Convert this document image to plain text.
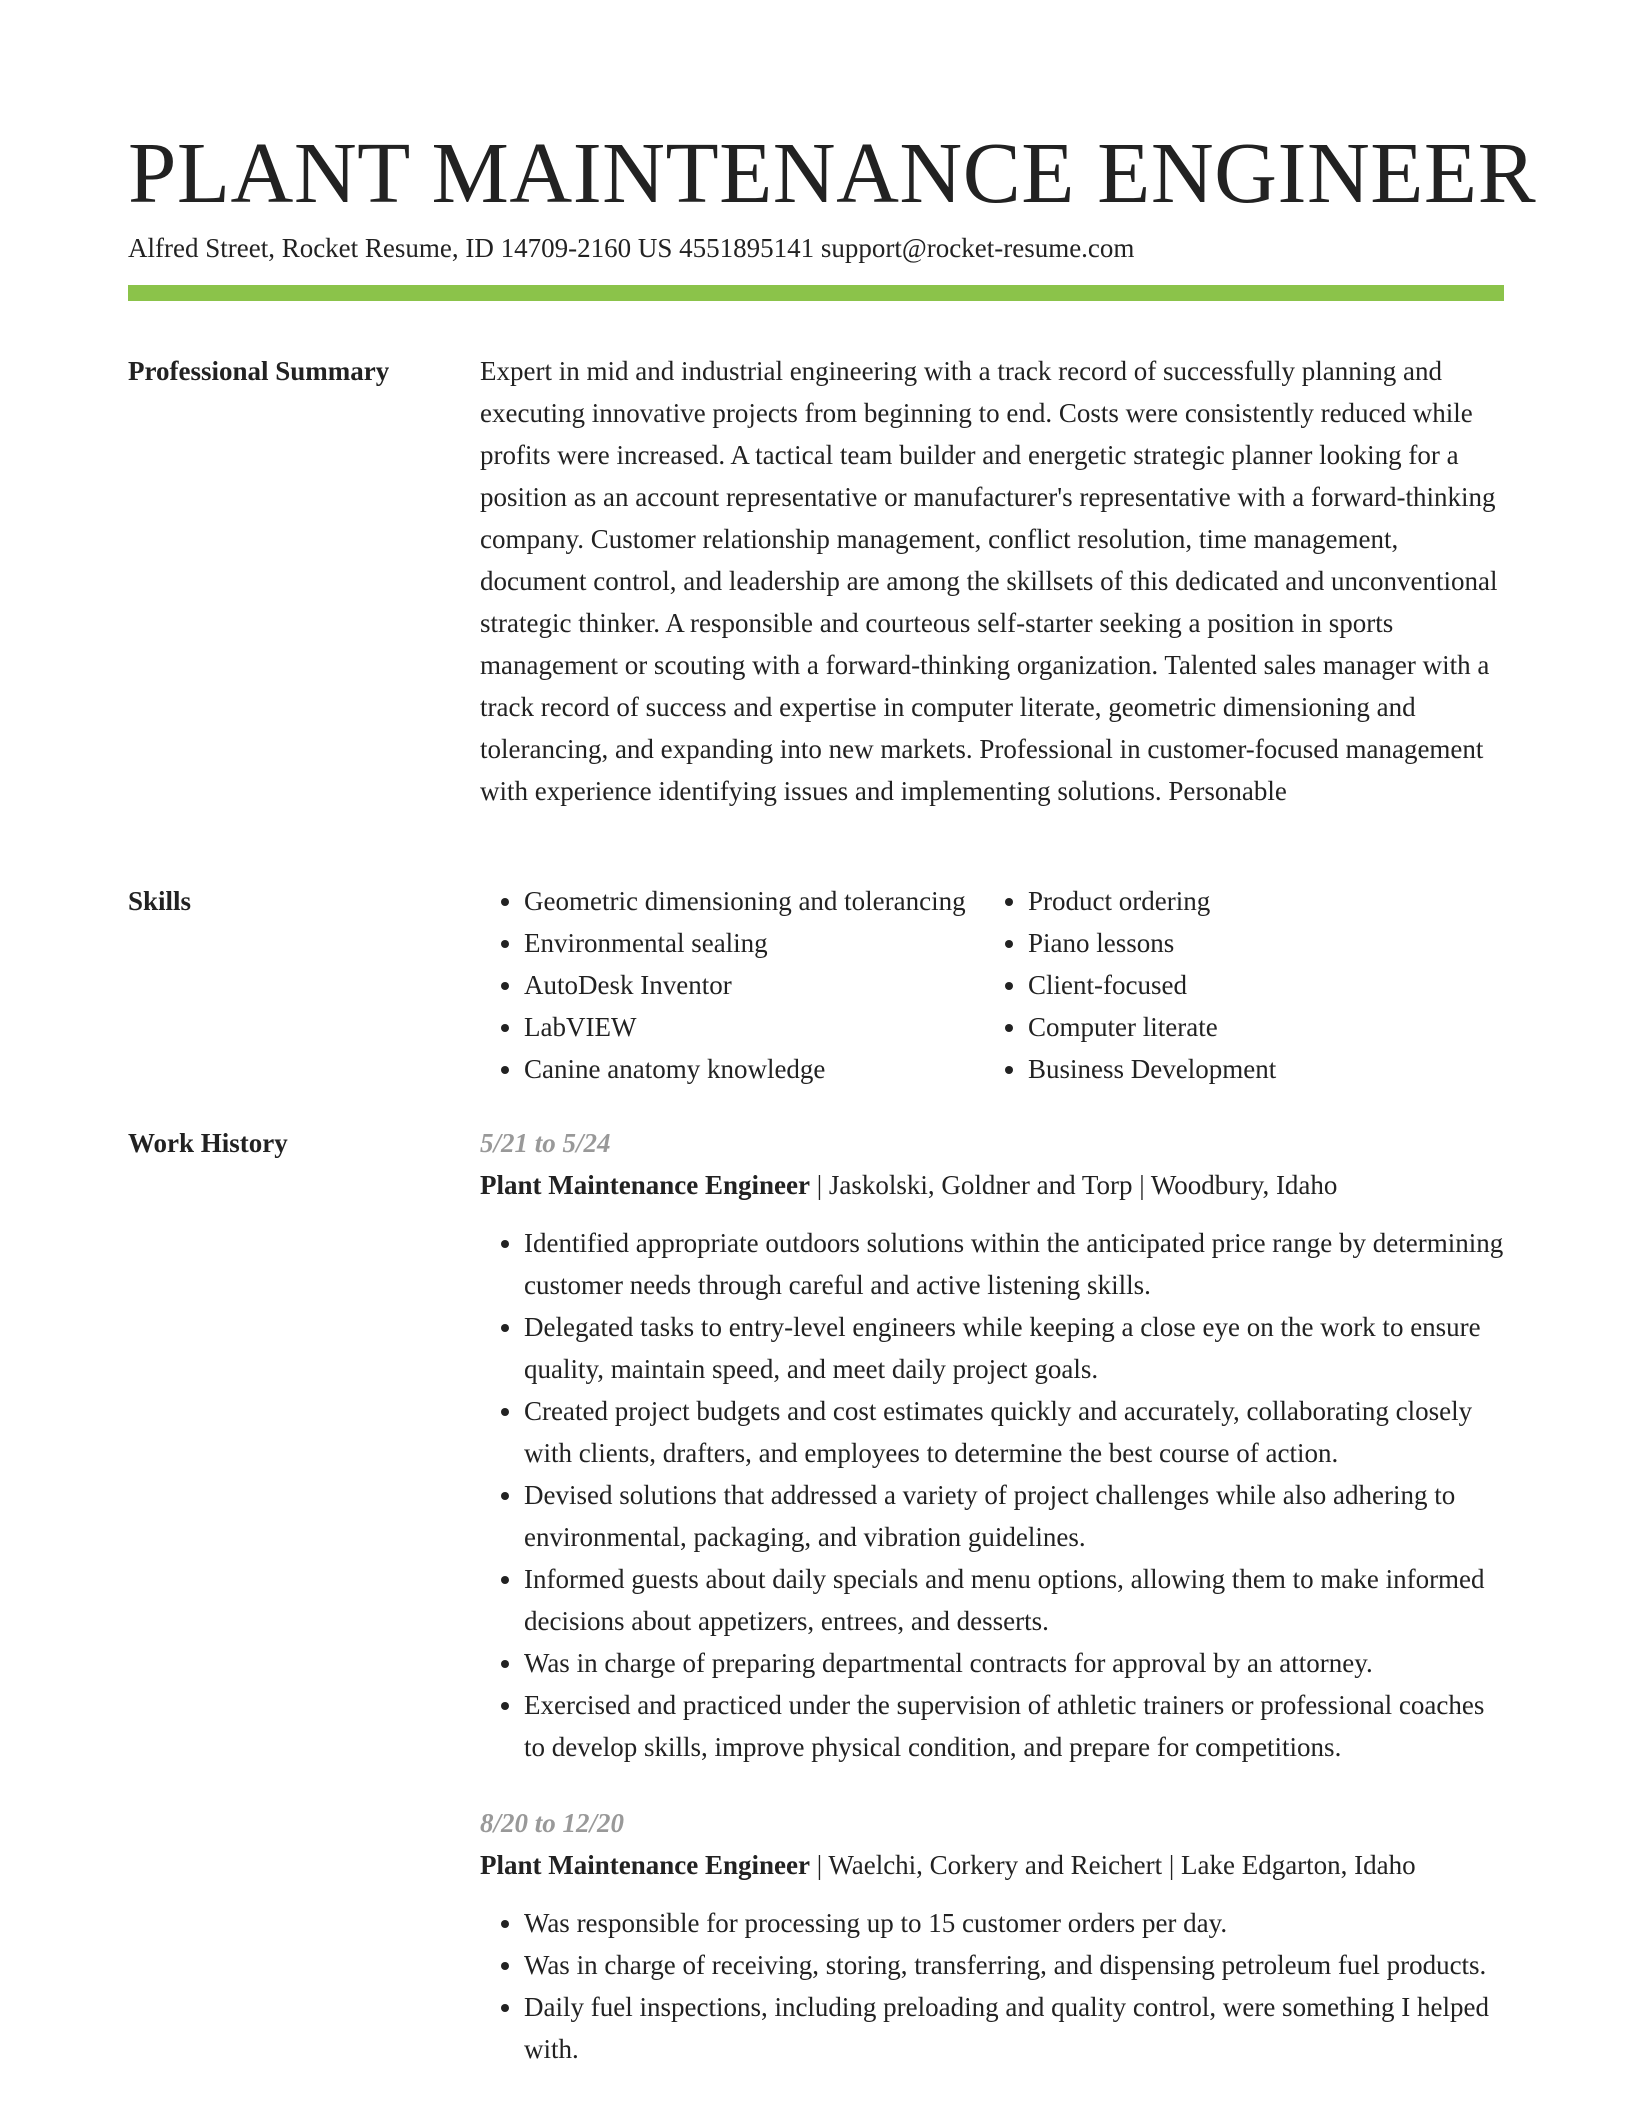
PLANT MAINTENANCE ENGINEER
Alfred Street, Rocket Resume, ID 14709-2160 US 4551895141 support@rocket-resume.com
Professional Summary	Expert in mid and industrial engineering with a track record of successfully planning and executing innovative projects from beginning to end. Costs were consistently reduced while profits were increased. A tactical team builder and energetic strategic planner looking for a position as an account representative or manufacturer's representative with a forward-thinking company. Customer relationship management, conflict resolution, time management, document control, and leadership are among the skillsets of this dedicated and unconventional strategic thinker. A responsible and courteous self-starter seeking a position in sports management or scouting with a forward-thinking organization. Talented sales manager with a track record of success and expertise in computer literate, geometric dimensioning and tolerancing, and expanding into new markets. Professional in customer-focused management with experience identifying issues and implementing solutions. Personable

Skills
•	Geometric dimensioning and tolerancing
• Environmental sealing
• AutoDesk Inventor
• LabVIEW
• Canine anatomy knowledge
• Product ordering
• Piano lessons
• Client-focused
• Computer literate
• Business Development
Work History	5/21 to 5/24
Plant Maintenance Engineer | Jaskolski, Goldner and Torp | Woodbury, Idaho
• Identified appropriate outdoors solutions within the anticipated price range by determining customer needs through careful and active listening skills.
• Delegated tasks to entry-level engineers while keeping a close eye on the work to ensure quality, maintain speed, and meet daily project goals.
• Created project budgets and cost estimates quickly and accurately, collaborating closely with clients, drafters, and employees to determine the best course of action.
• Devised solutions that addressed a variety of project challenges while also adhering to environmental, packaging, and vibration guidelines.
• Informed guests about daily specials and menu options, allowing them to make informed decisions about appetizers, entrees, and desserts.
• Was in charge of preparing departmental contracts for approval by an attorney.
• Exercised and practiced under the supervision of athletic trainers or professional coaches to develop skills, improve physical condition, and prepare for competitions.
8/20 to 12/20
Plant Maintenance Engineer | Waelchi, Corkery and Reichert | Lake Edgarton, Idaho
• Was responsible for processing up to 15 customer orders per day.
• Was in charge of receiving, storing, transferring, and dispensing petroleum fuel products.
• Daily fuel inspections, including preloading and quality control, were something I helped with.
